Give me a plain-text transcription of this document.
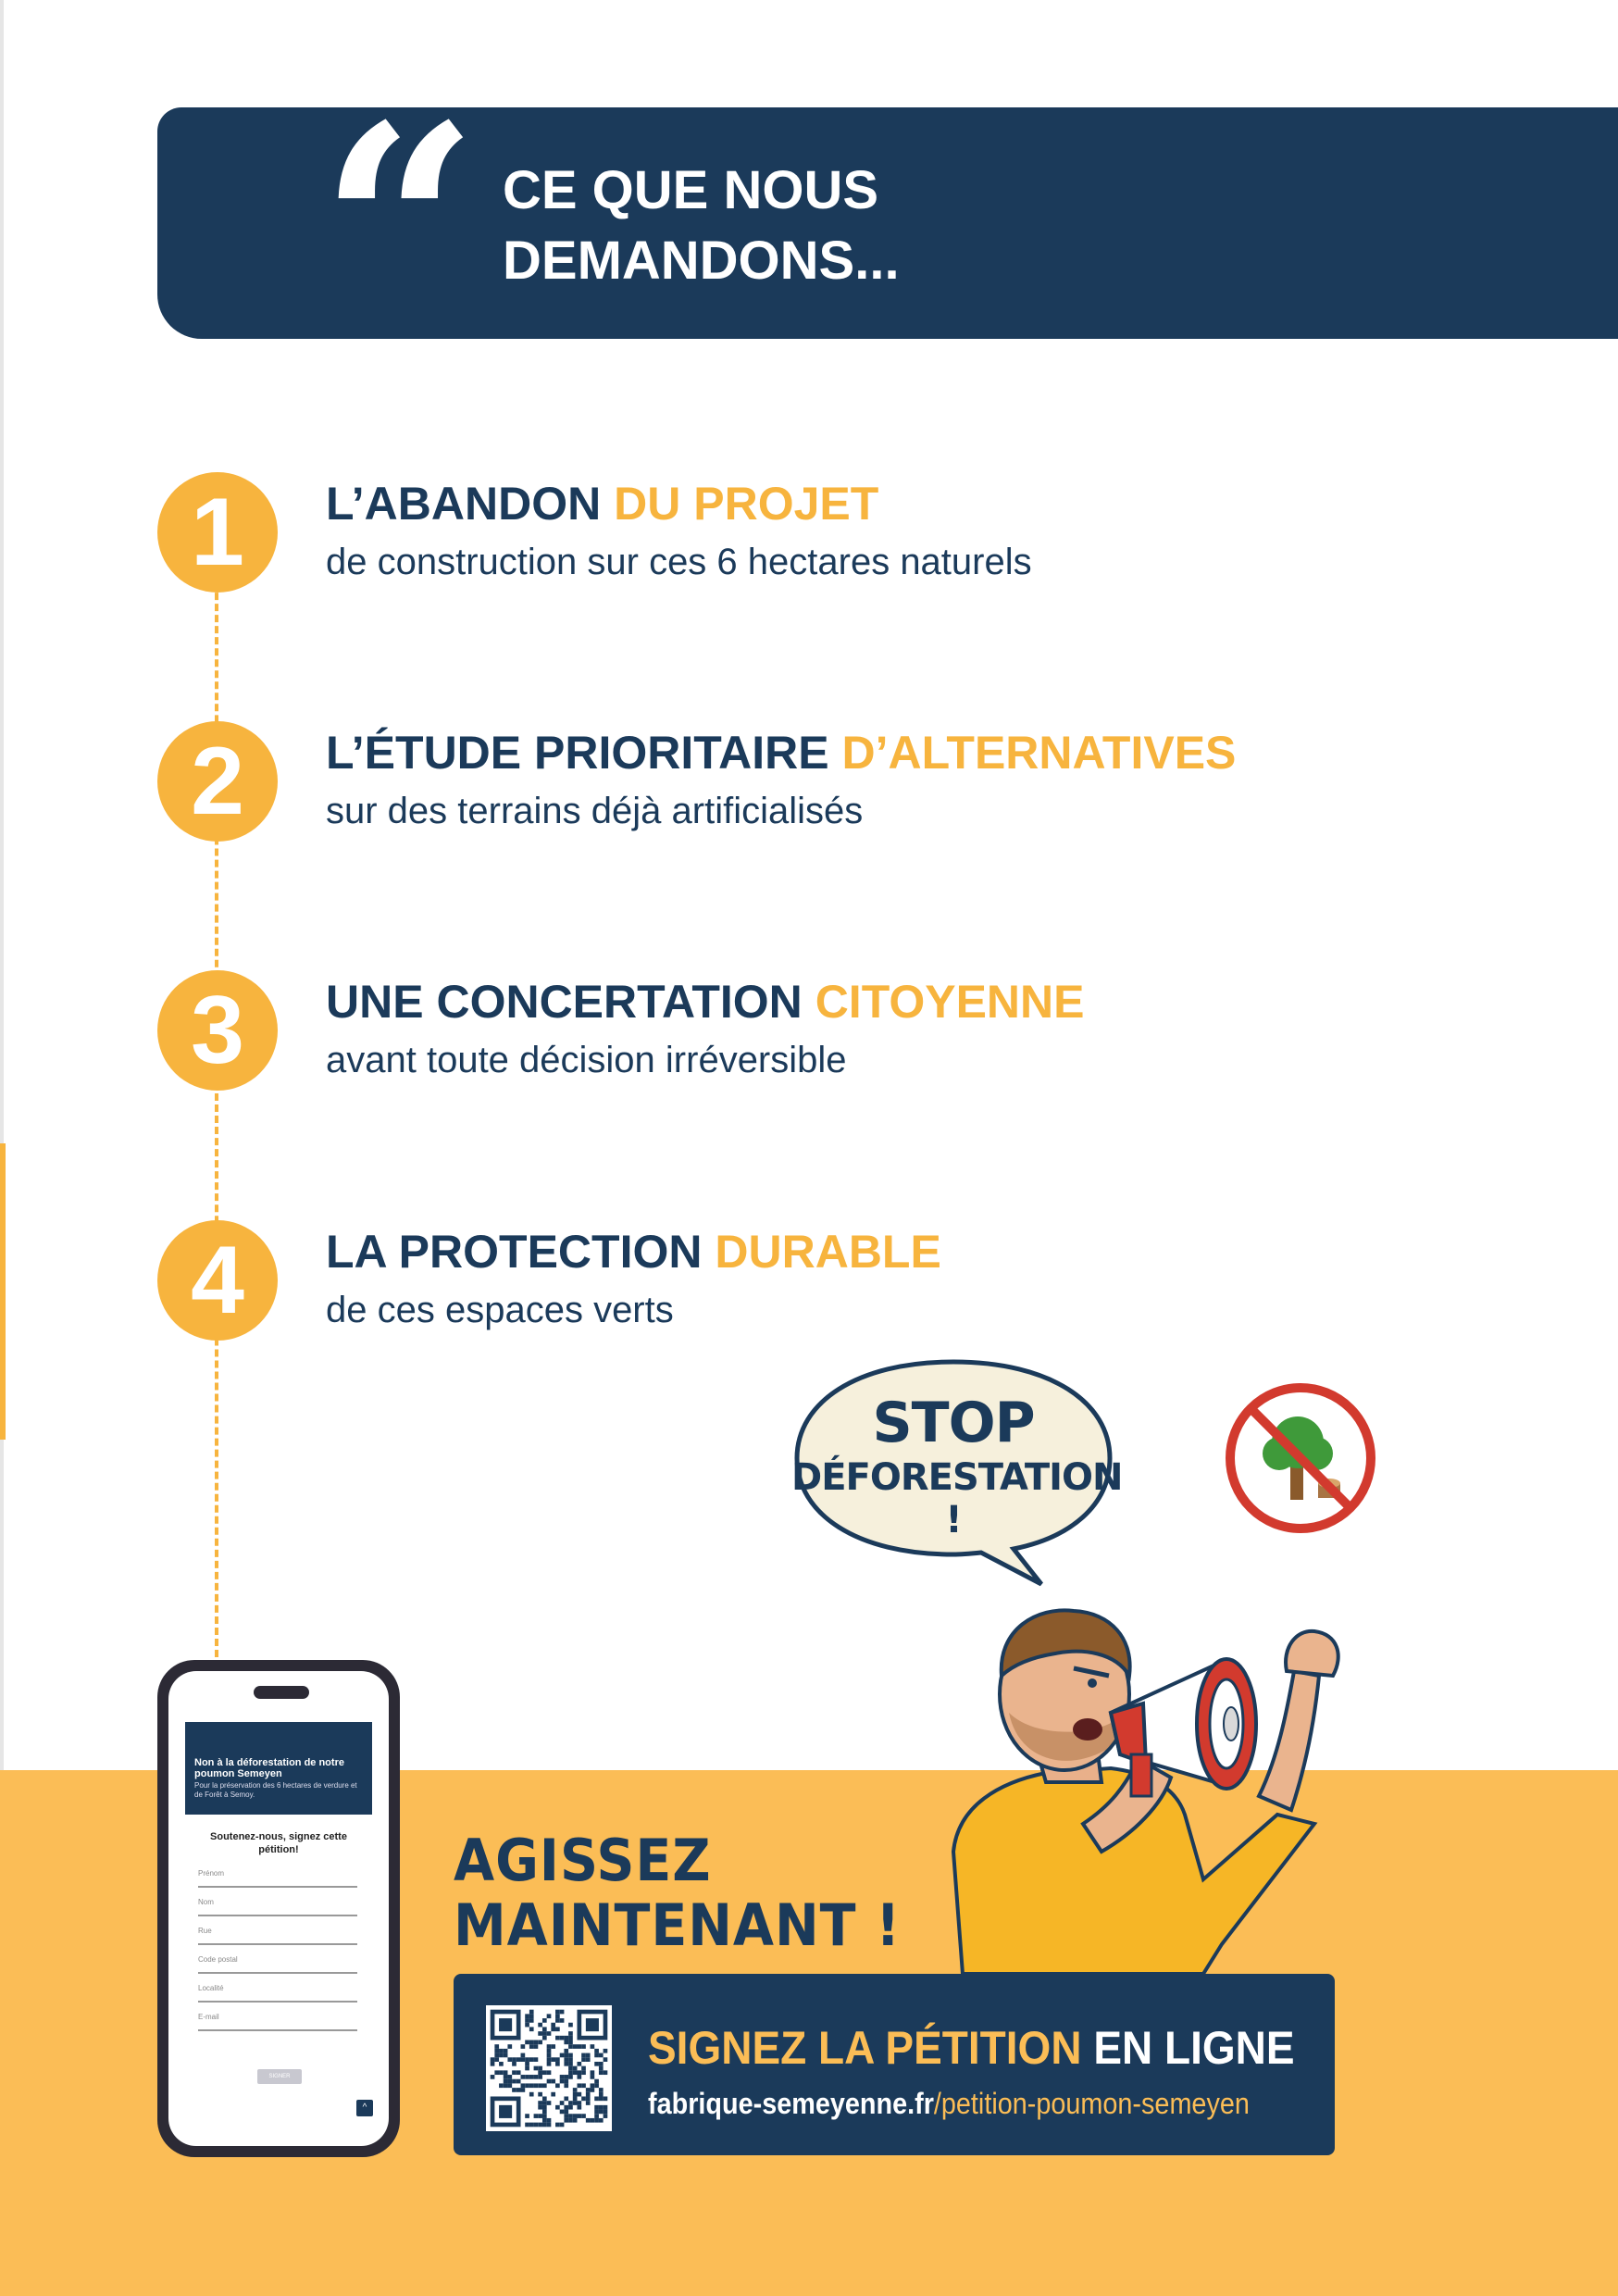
“ CE QUE NOUS
DEMANDONS...
1	L’ABANDON DU PROJET
de construction sur ces 6 hectares naturels
2	L’ÉTUDE PRIORITAIRE D’ALTERNATIVES
sur des terrains déjà artificialisés
3	UNE CONCERTATION CITOYENNE
avant toute décision irréversible
4	LA PROTECTION DURABLE
de ces espaces verts
STOP
DÉFORESTATION !
Non à la déforestation de notre poumon Semeyen
Pour la préservation des 6 hectares de verdure et de Forêt à Semoy.
Soutenez-nous, signez cette pétition!
Prénom
Nom
Rue
Code postal
Localité
E-mail
SIGNER
^
AGISSEZ
MAINTENANT !
SIGNEZ LA PÉTITION EN LIGNE
fabrique-semeyenne.fr/petition-poumon-semeyen
